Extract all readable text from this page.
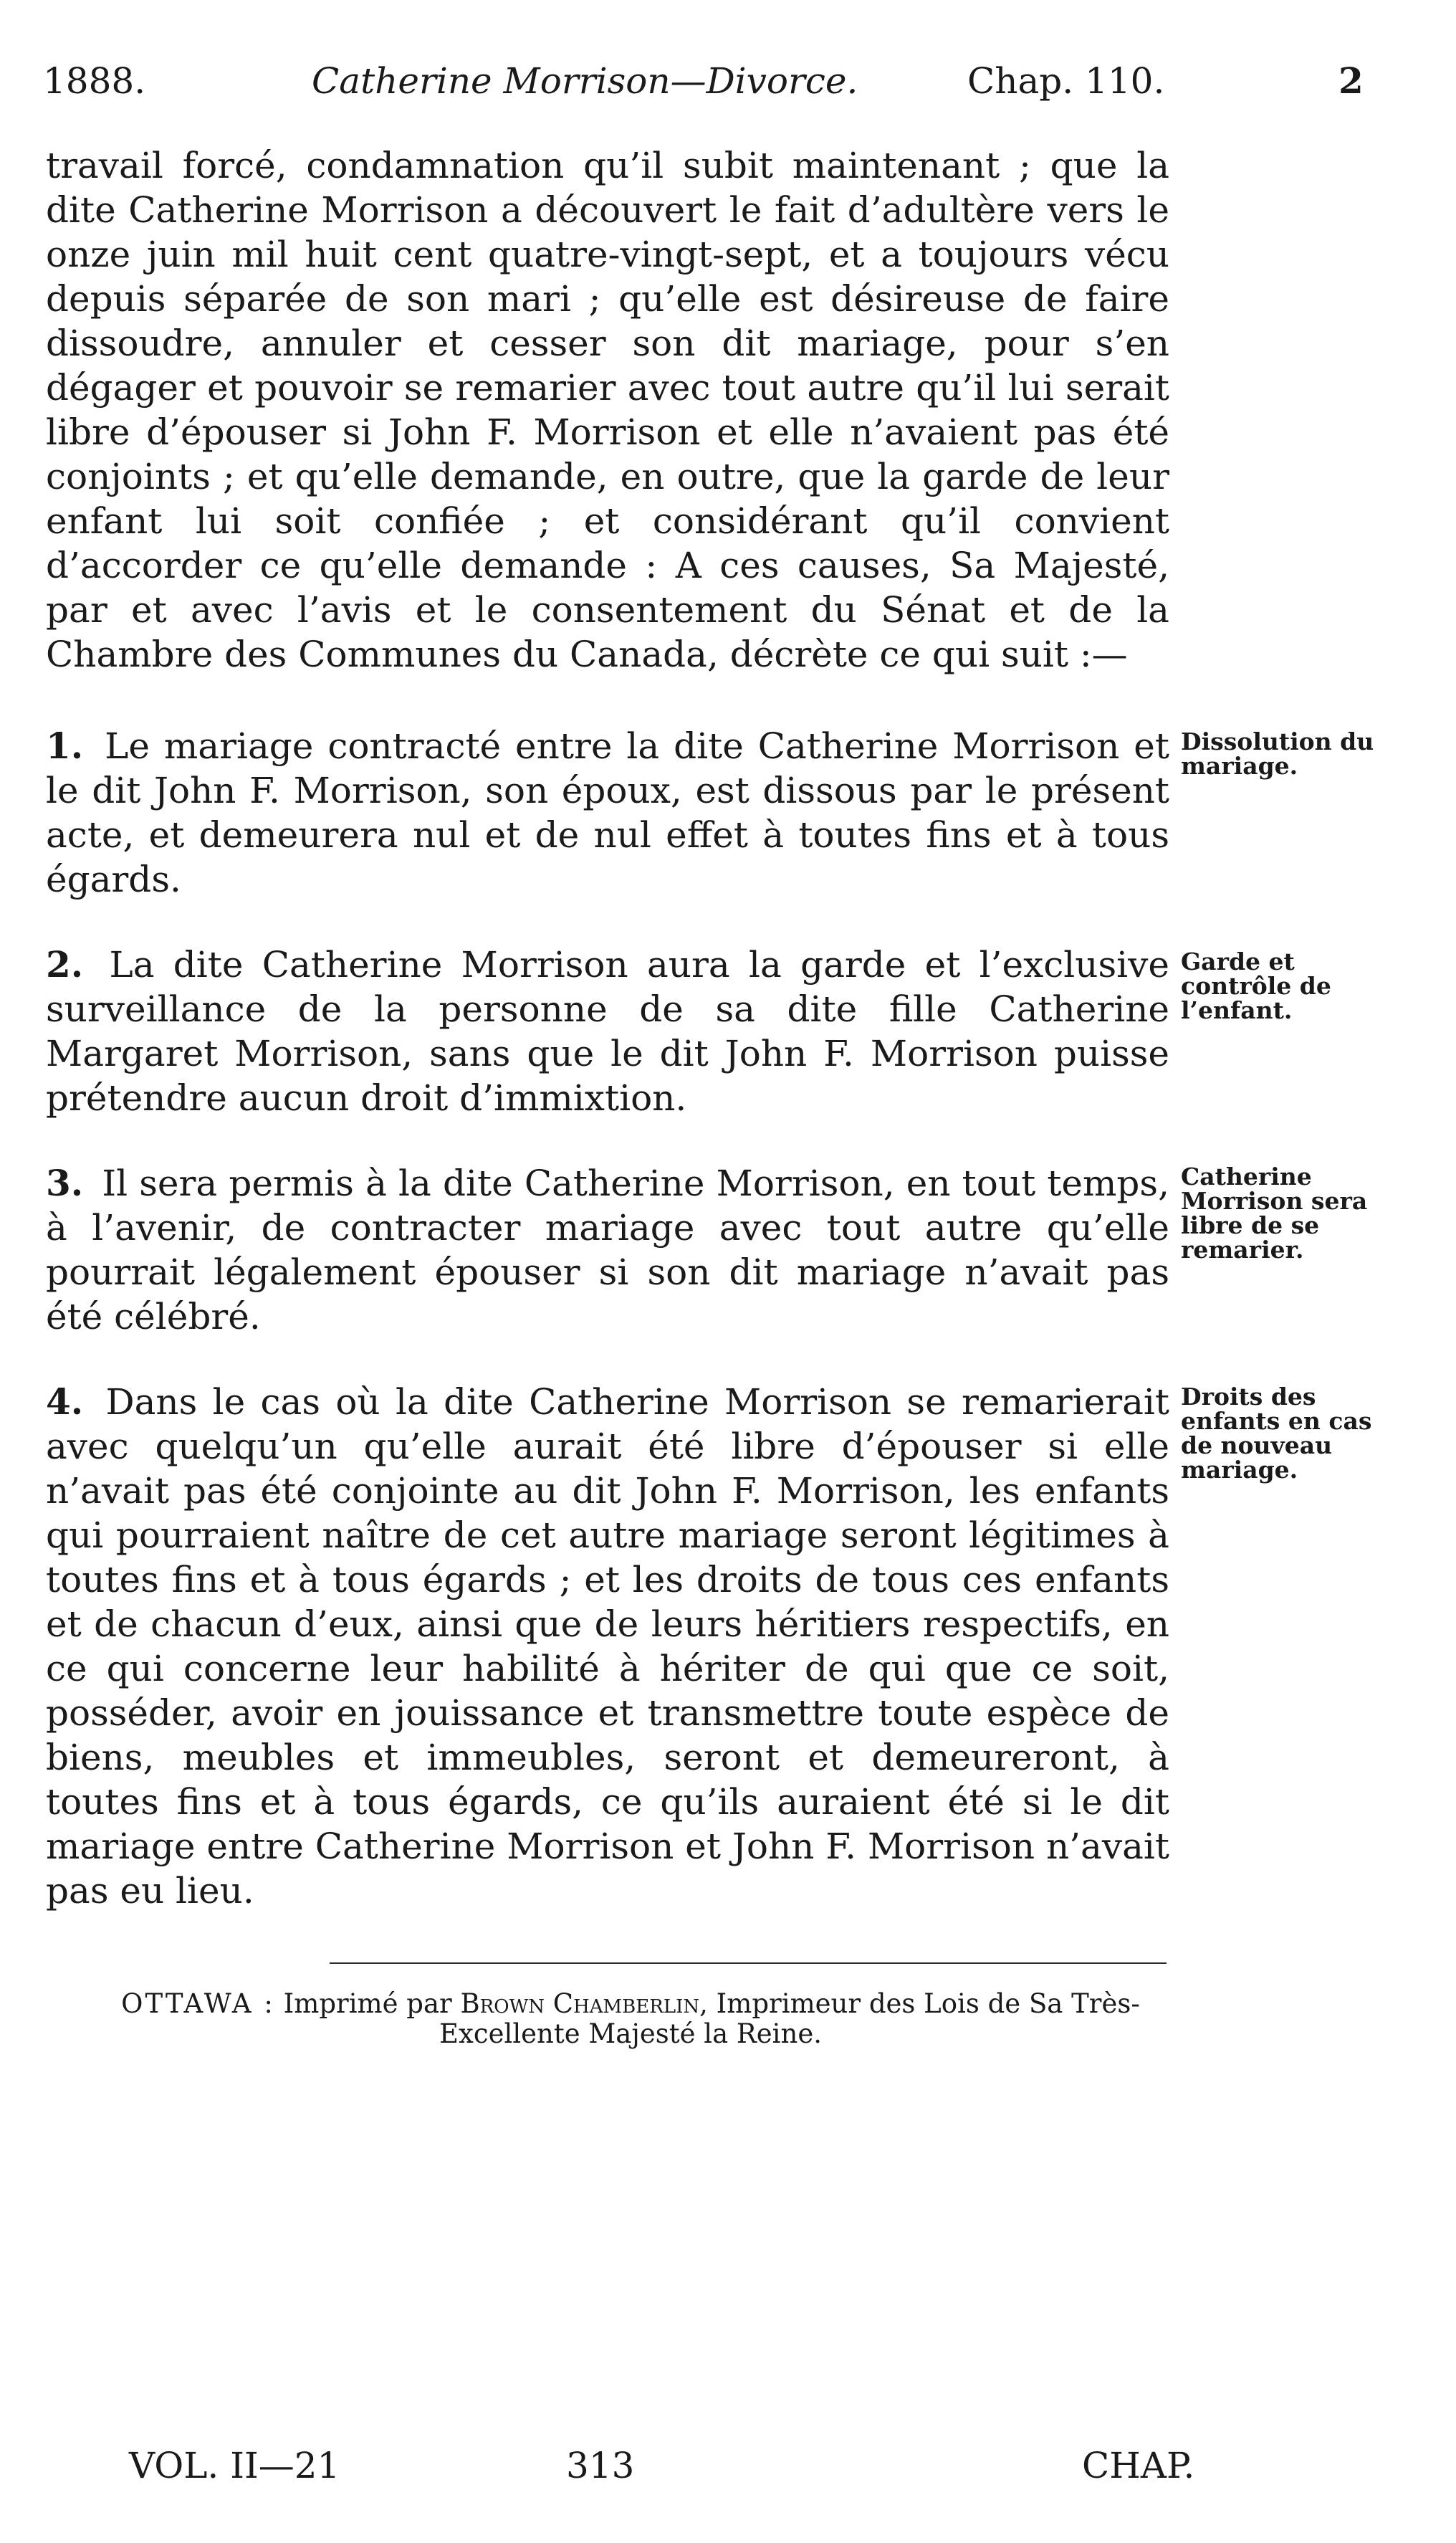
1888.	Catherine Morrison—Divorce.	Chap. 110.	2
travail forcé, condamnation qu’il subit maintenant ; que la dite Catherine Morrison a découvert le fait d’adultère vers le onze juin mil huit cent quatre-vingt-sept, et a toujours vécu depuis séparée de son mari ; qu’elle est désireuse de faire dissoudre, annuler et cesser son dit mariage, pour s’en dégager et pouvoir se remarier avec tout autre qu’il lui serait libre d’épouser si John F. Morrison et elle n’avaient pas été conjoints ; et qu’elle demande, en outre, que la garde de leur enfant lui soit confiée ; et considérant qu’il convient d’accorder ce qu’elle demande : A ces causes, Sa Majesté, par et avec l’avis et le consentement du Sénat et de la Chambre des Communes du Canada, décrète ce qui suit :—
1. Le mariage contracté entre la dite Catherine Morrison et le dit John F. Morrison, son époux, est dissous par le présent acte, et demeurera nul et de nul effet à toutes fins et à tous égards.
Dissolution du mariage.
2. La dite Catherine Morrison aura la garde et l’exclusive surveillance de la personne de sa dite fille Catherine Margaret Morrison, sans que le dit John F. Morrison puisse prétendre aucun droit d’immixtion.
Garde et contrôle de l’enfant.
3. Il sera permis à la dite Catherine Morrison, en tout temps, à l’avenir, de contracter mariage avec tout autre qu’elle pourrait légalement épouser si son dit mariage n’avait pas été célébré.
Catherine Morrison sera libre de se remarier.
4. Dans le cas où la dite Catherine Morrison se remarierait avec quelqu’un qu’elle aurait été libre d’épouser si elle n’avait pas été conjointe au dit John F. Morrison, les enfants qui pourraient naître de cet autre mariage seront légitimes à toutes fins et à tous égards ; et les droits de tous ces enfants et de chacun d’eux, ainsi que de leurs héritiers respectifs, en ce qui concerne leur habilité à hériter de qui que ce soit, posséder, avoir en jouissance et transmettre toute espèce de biens, meubles et immeubles, seront et demeureront, à toutes fins et à tous égards, ce qu’ils auraient été si le dit mariage entre Catherine Morrison et John F. Morrison n’avait pas eu lieu.
Droits des enfants en cas de nouveau mariage.
OTTAWA : Imprimé par Brown Chamberlin, Imprimeur des Lois de Sa Très-Excellente Majesté la Reine.
VOL. II—21	313	CHAP.
